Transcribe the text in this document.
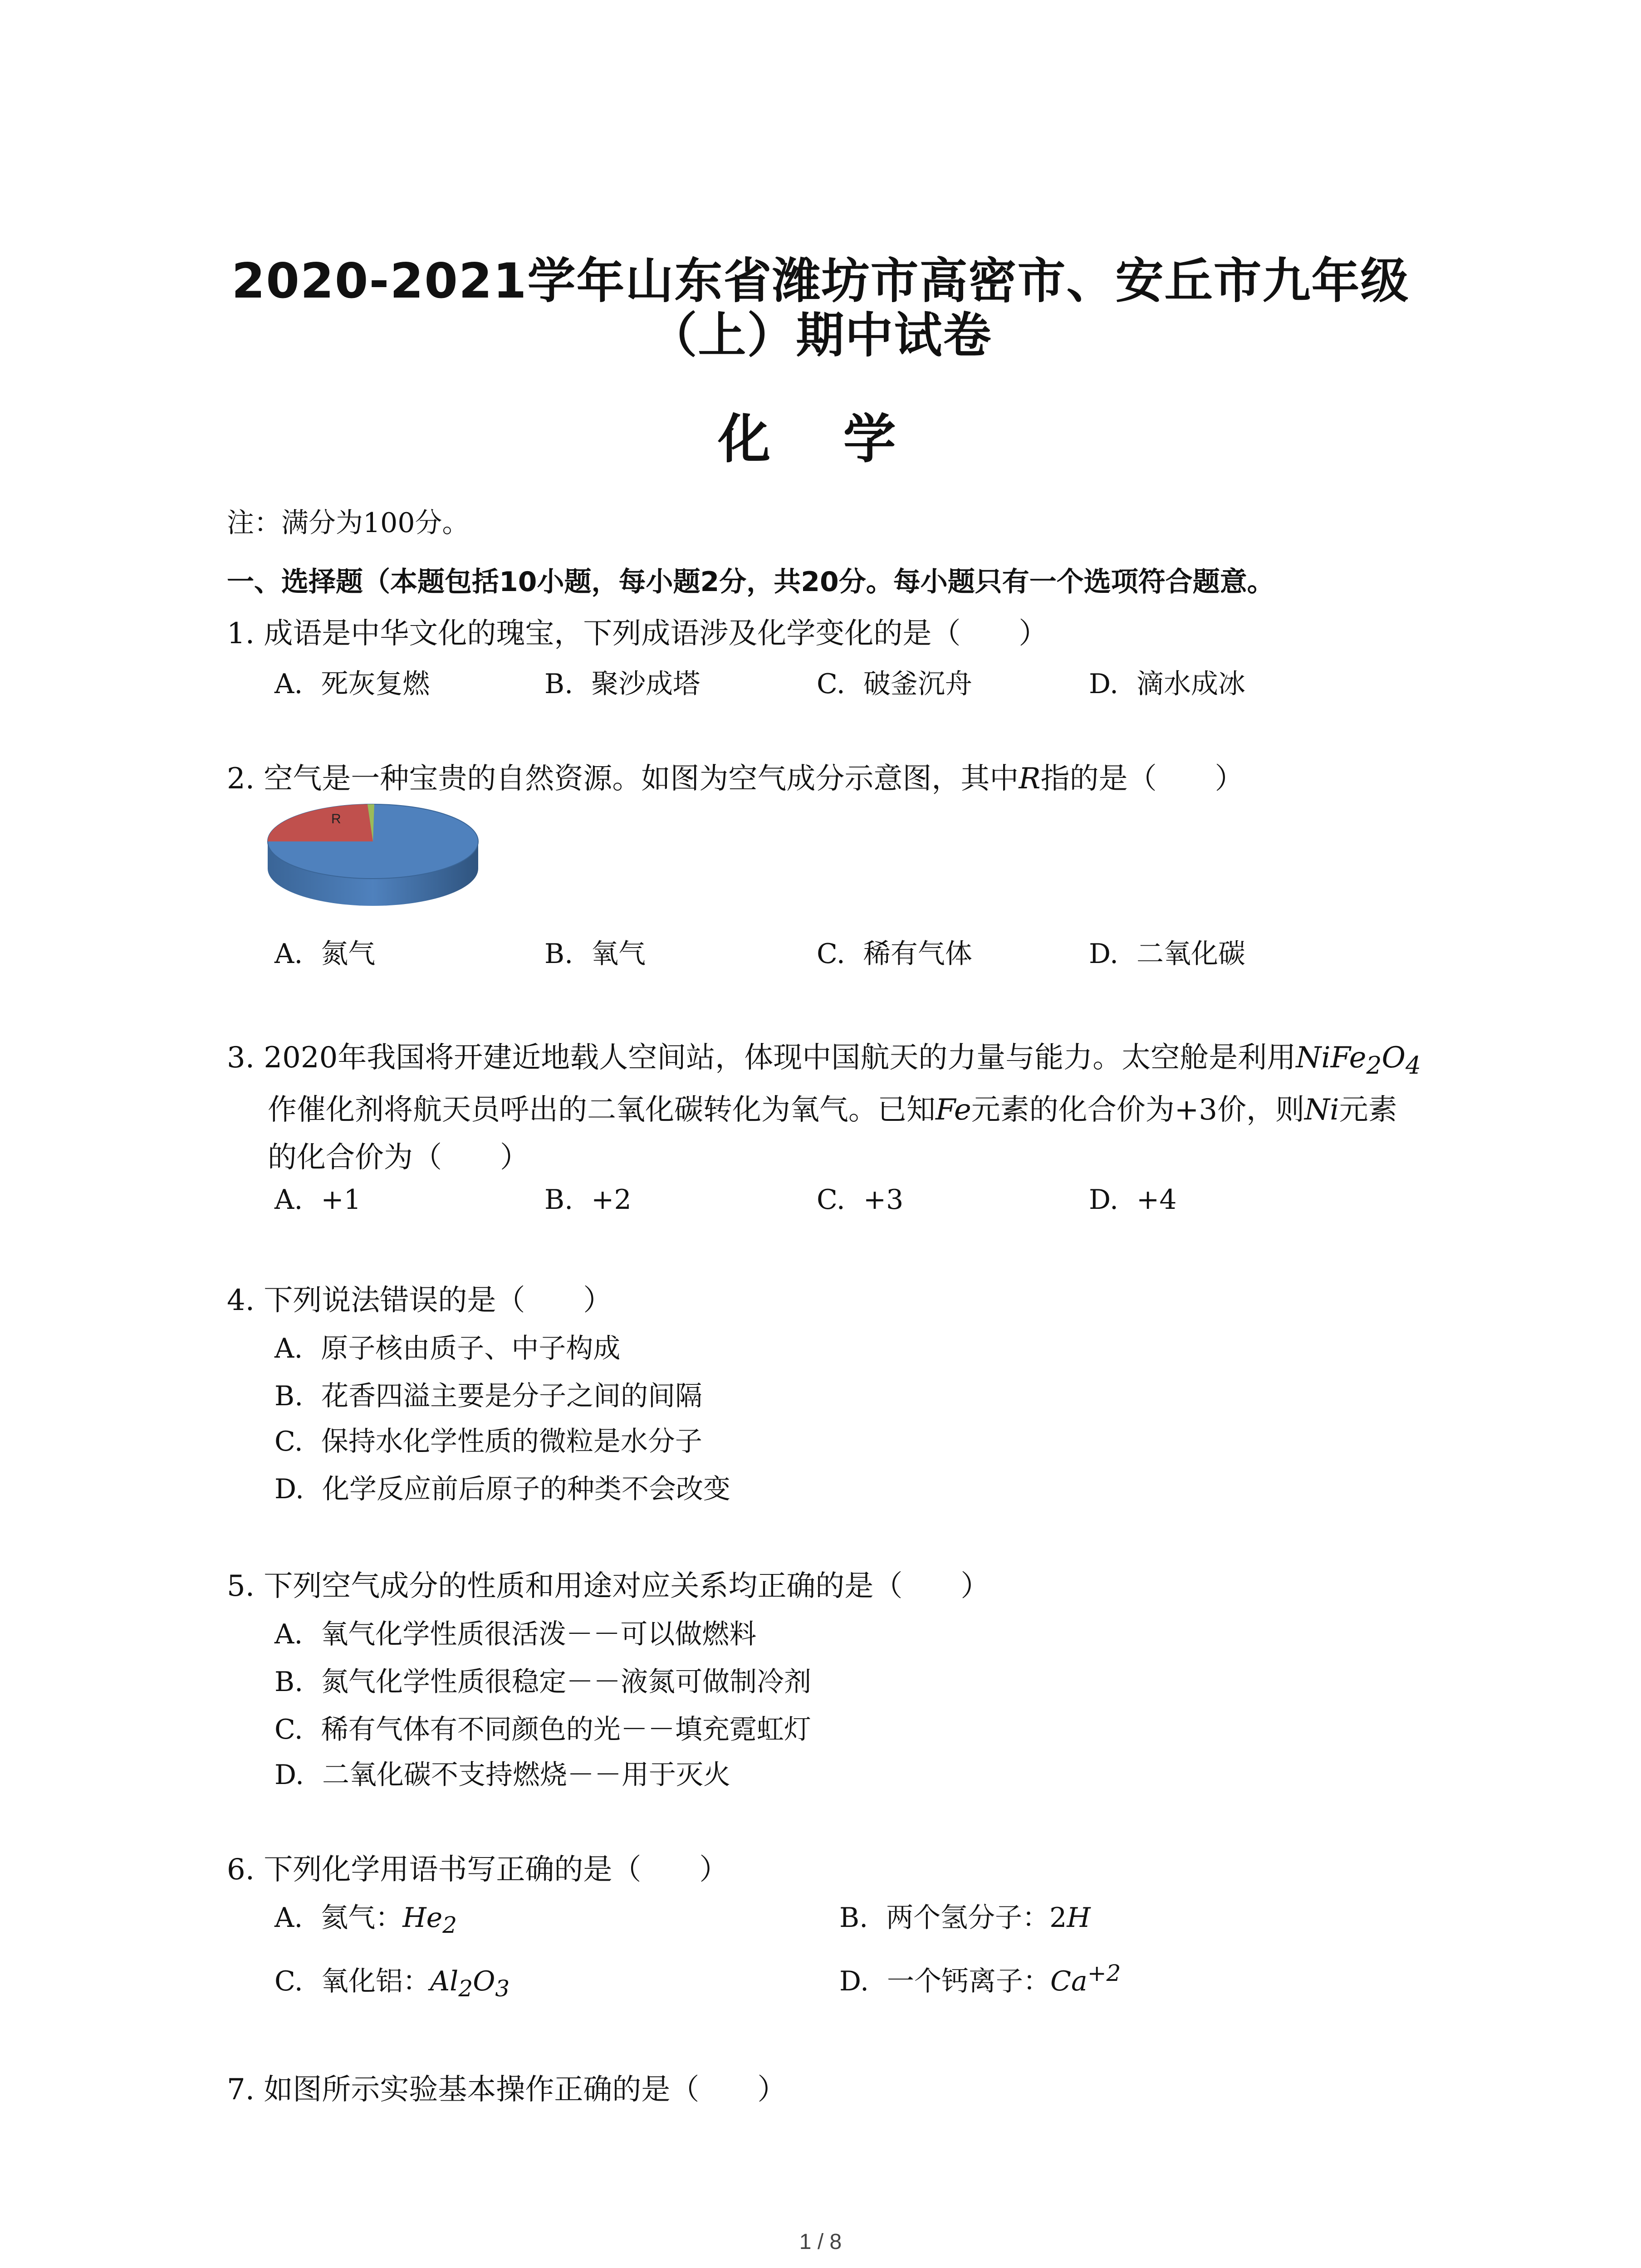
2020-2021学年山东省潍坊市高密市、安丘市九年级
（上）期中试卷
化 学
注：满分为100分。
一、选择题（本题包括10小题，每小题2分，共20分。每小题只有一个选项符合题意。
1. 成语是中华文化的瑰宝，下列成语涉及化学变化的是（　　）
A. 死灰复燃	B. 聚沙成塔	C. 破釜沉舟	D. 滴水成冰
2. 空气是一种宝贵的自然资源。如图为空气成分示意图，其中R指的是（　　）
R
A. 氮气	B. 氧气	C. 稀有气体	D. 二氧化碳
3. 2020年我国将开建近地载人空间站，体现中国航天的力量与能力。太空舱是利用$NiFe_2O_4$
作催化剂将航天员呼出的二氧化碳转化为氧气。已知Fe元素的化合价为+3价，则Ni元素
的化合价为（　　）
A. +1	B. +2	C. +3	D. +4
4. 下列说法错误的是（　　）
A. 原子核由质子、中子构成
B. 花香四溢主要是分子之间的间隔
C. 保持水化学性质的微粒是水分子
D. 化学反应前后原子的种类不会改变
5. 下列空气成分的性质和用途对应关系均正确的是（　　）
A. 氧气化学性质很活泼－－可以做燃料
B. 氮气化学性质很稳定－－液氮可做制冷剂
C. 稀有气体有不同颜色的光－－填充霓虹灯
D. 二氧化碳不支持燃烧－－用于灭火
6. 下列化学用语书写正确的是（　　）
A. 氦气：$He_2$	B. 两个氢分子：2H
C. 氧化铝：$Al_2O_3$	D. 一个钙离子：$Ca^{+2}$
7. 如图所示实验基本操作正确的是（　　）
1 / 8
